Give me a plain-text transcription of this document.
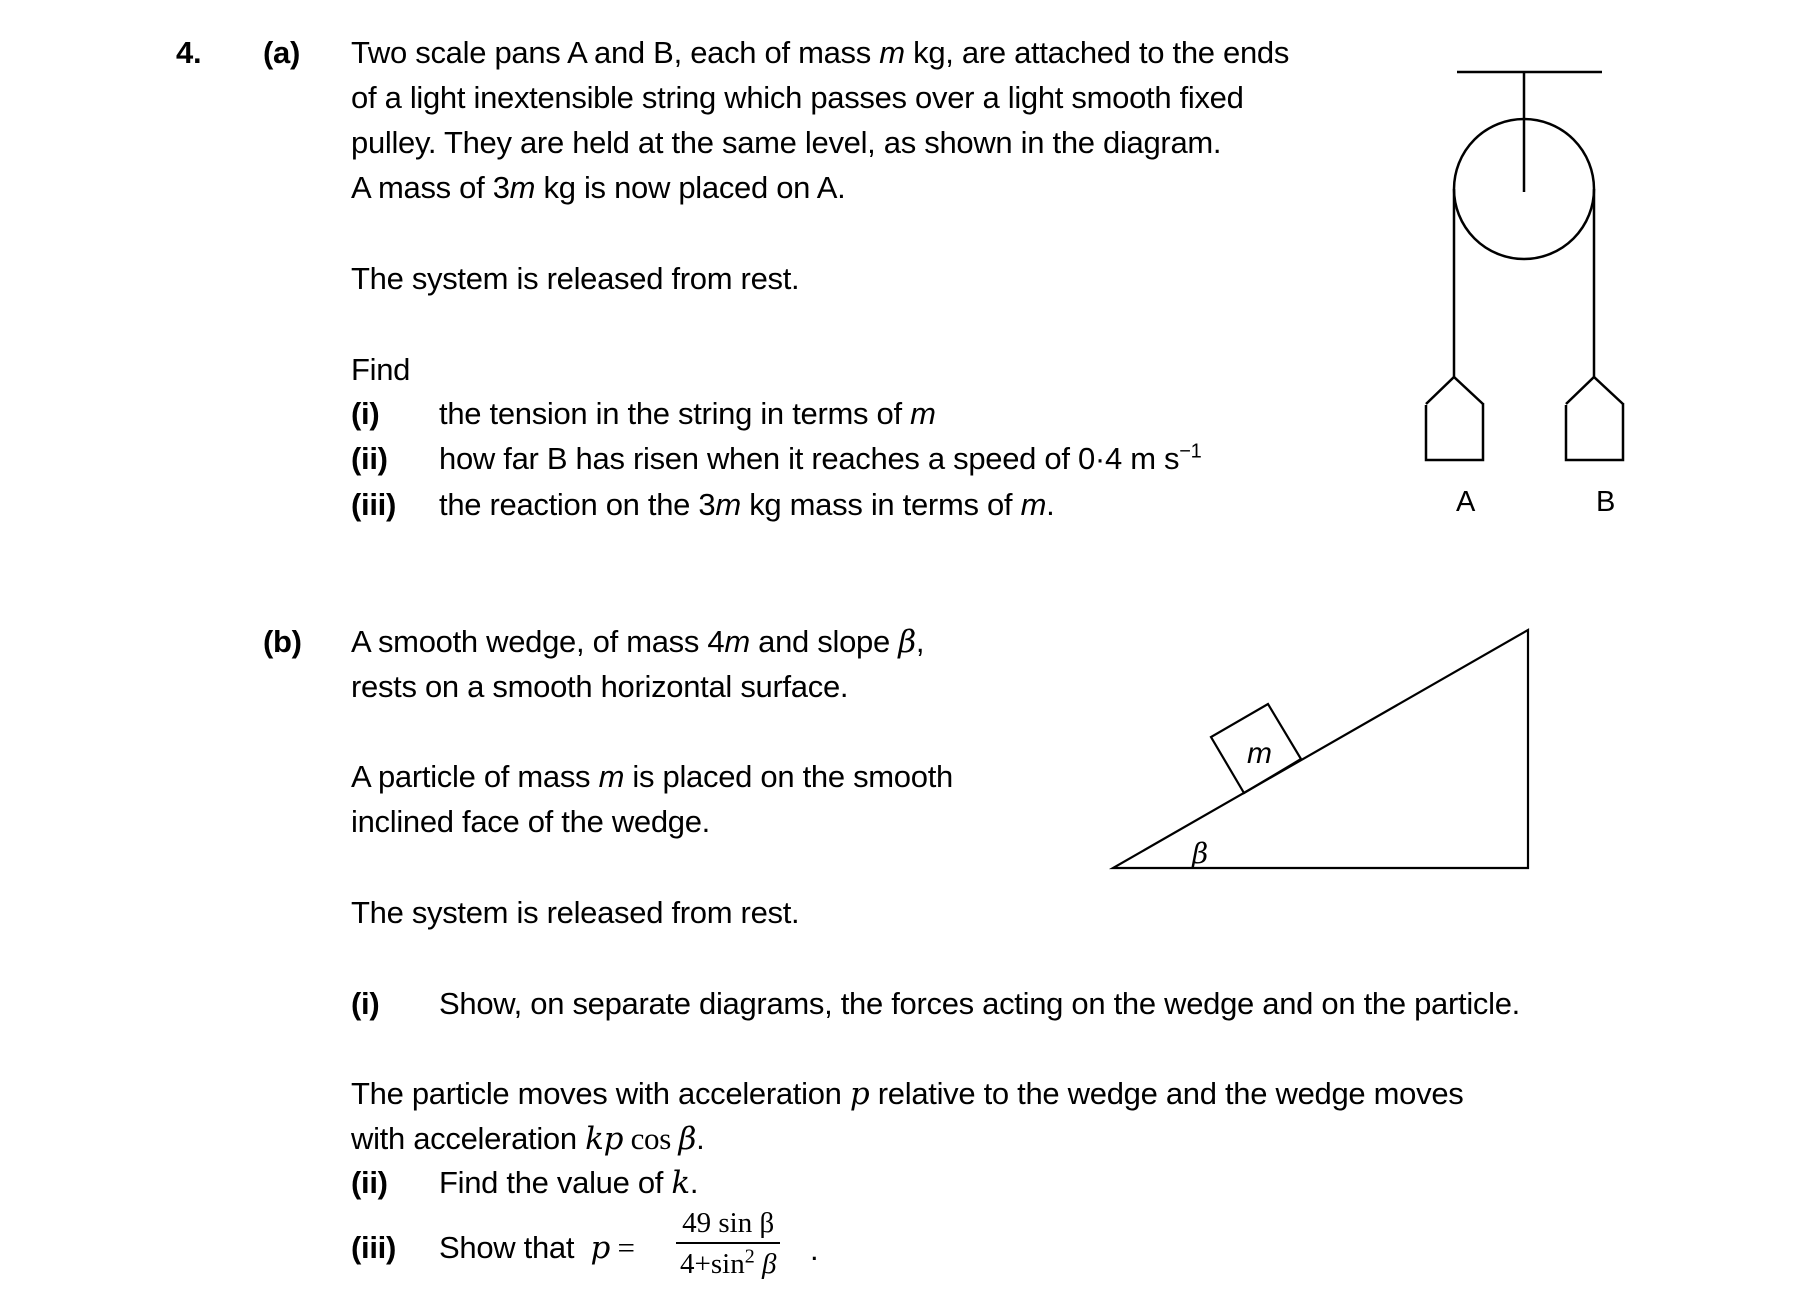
4. (a) Two scale pans A and B, each of mass m kg, are attached to the ends
of a light inextensible string which passes over a light smooth fixed
pulley. They are held at the same level, as shown in the diagram.
A mass of 3m kg is now placed on A.
The system is released from rest.
Find
(i) the tension in the string in terms of m
(ii) how far B has risen when it reaches a speed of 0·4 m $s^{-1}$
(iii) the reaction on the 3m kg mass in terms of m.	A	B
m
β
(b) A smooth wedge, of mass 4m and slope β,
rests on a smooth horizontal surface.
A particle of mass m is placed on the smooth
inclined face of the wedge.
The system is released from rest.
(i) Show, on separate diagrams, the forces acting on the wedge and on the particle.
The particle moves with acceleration p relative to the wedge and the wedge moves
with acceleration kp cos β.
(ii) Find the value of k.
(iii) Show that $p = \frac{\text{49 sin β}}{4+\sin^2 \beta}$ .
